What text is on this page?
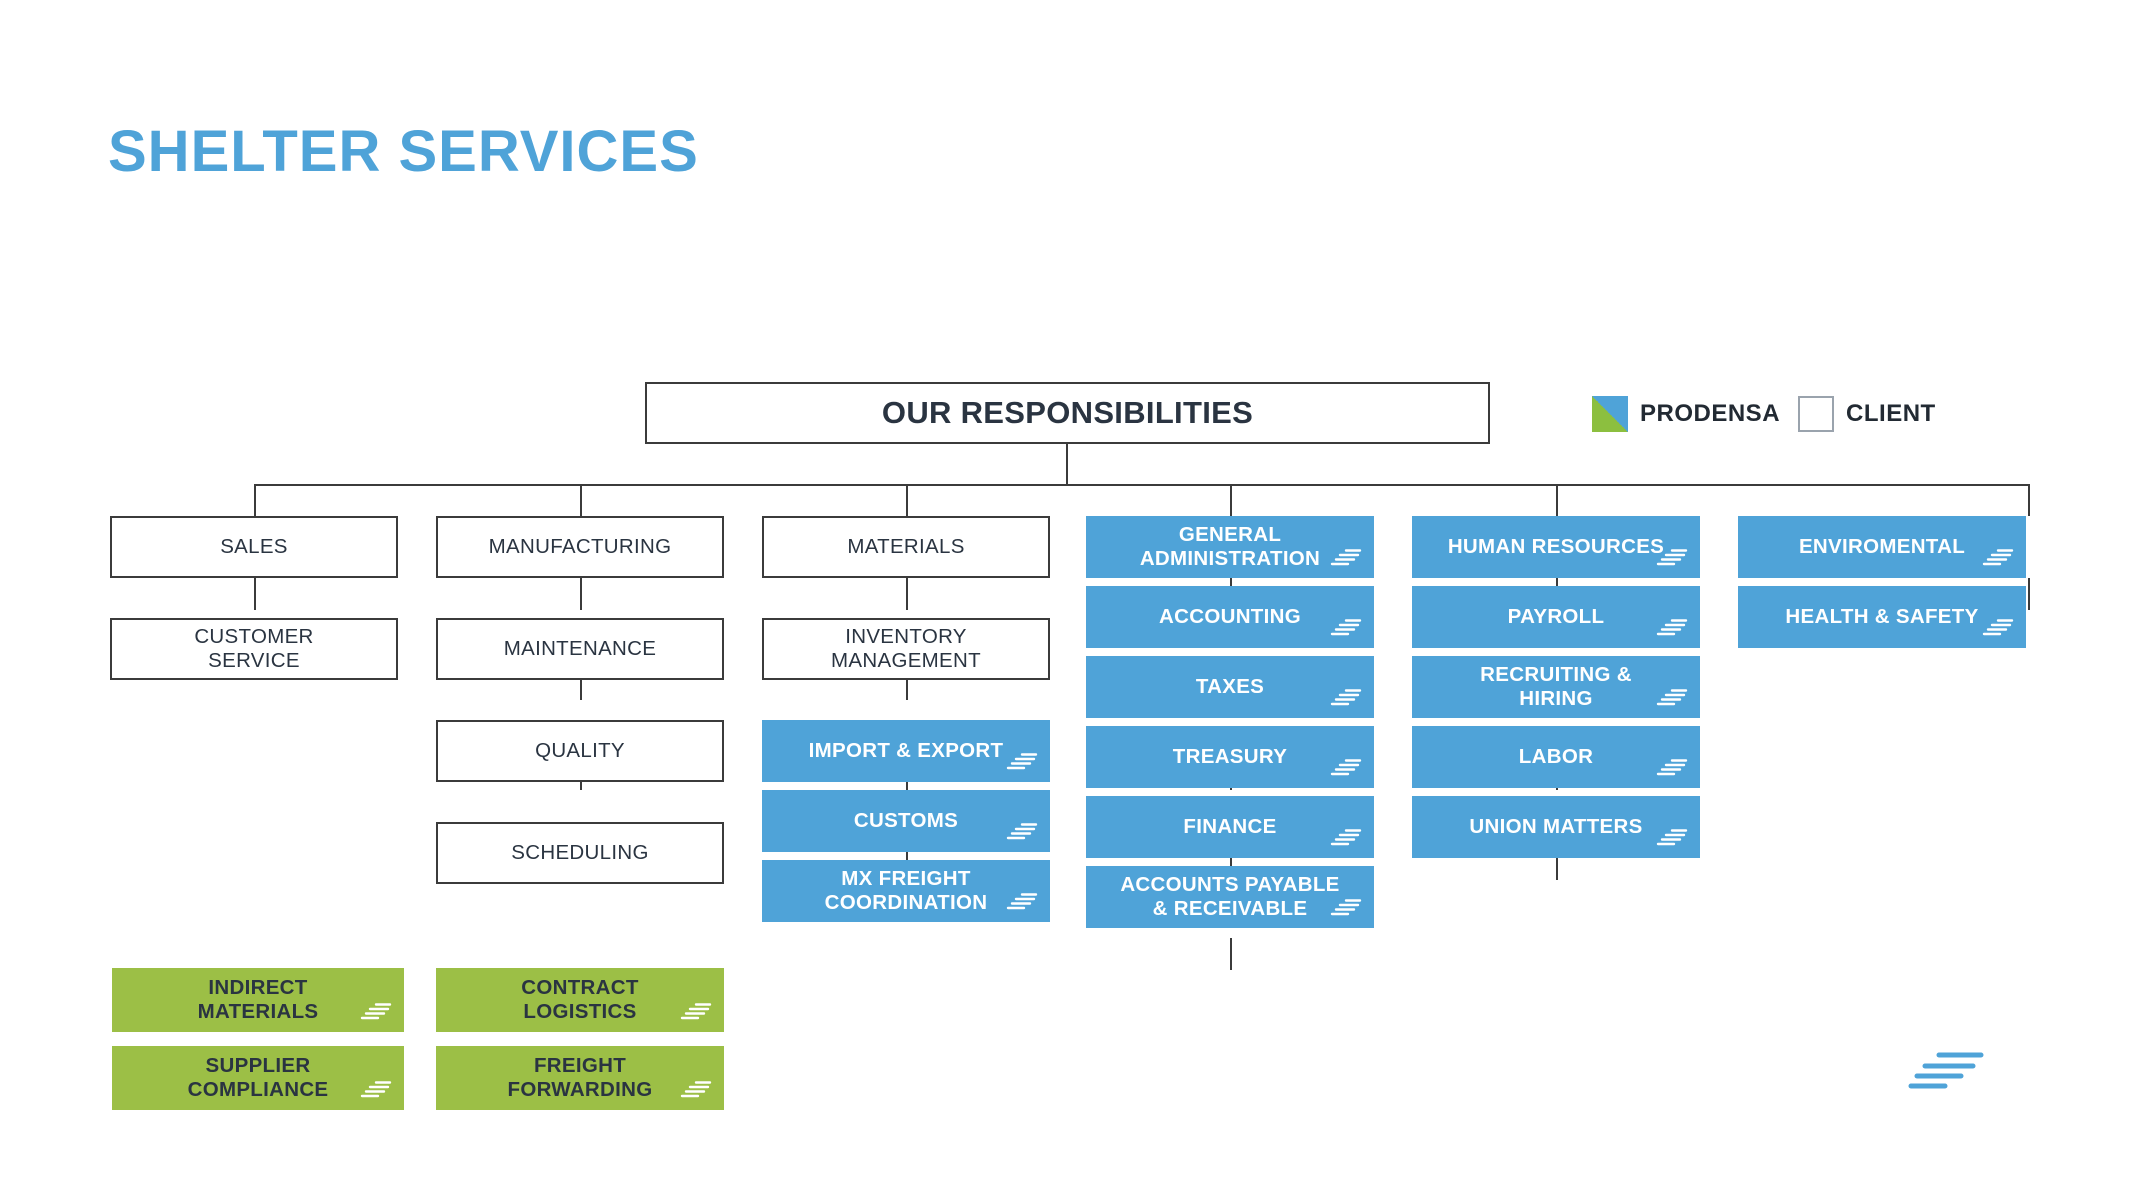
SHELTER SERVICES
PRODENSA	CLIENT
OUR RESPONSIBILITIES
SALES
CUSTOMER SERVICE
MANUFACTURING
MAINTENANCE
QUALITY
SCHEDULING
MATERIALS
INVENTORY MANAGEMENT
IMPORT & EXPORT
CUSTOMS
MX FREIGHT COORDINATION
GENERAL ADMINISTRATION
ACCOUNTING
TAXES
TREASURY
FINANCE
ACCOUNTS PAYABLE & RECEIVABLE
HUMAN RESOURCES
PAYROLL
RECRUITING & HIRING
LABOR
UNION MATTERS
ENVIROMENTAL
HEALTH & SAFETY
INDIRECT MATERIALS
SUPPLIER COMPLIANCE
CONTRACT LOGISTICS
FREIGHT FORWARDING
